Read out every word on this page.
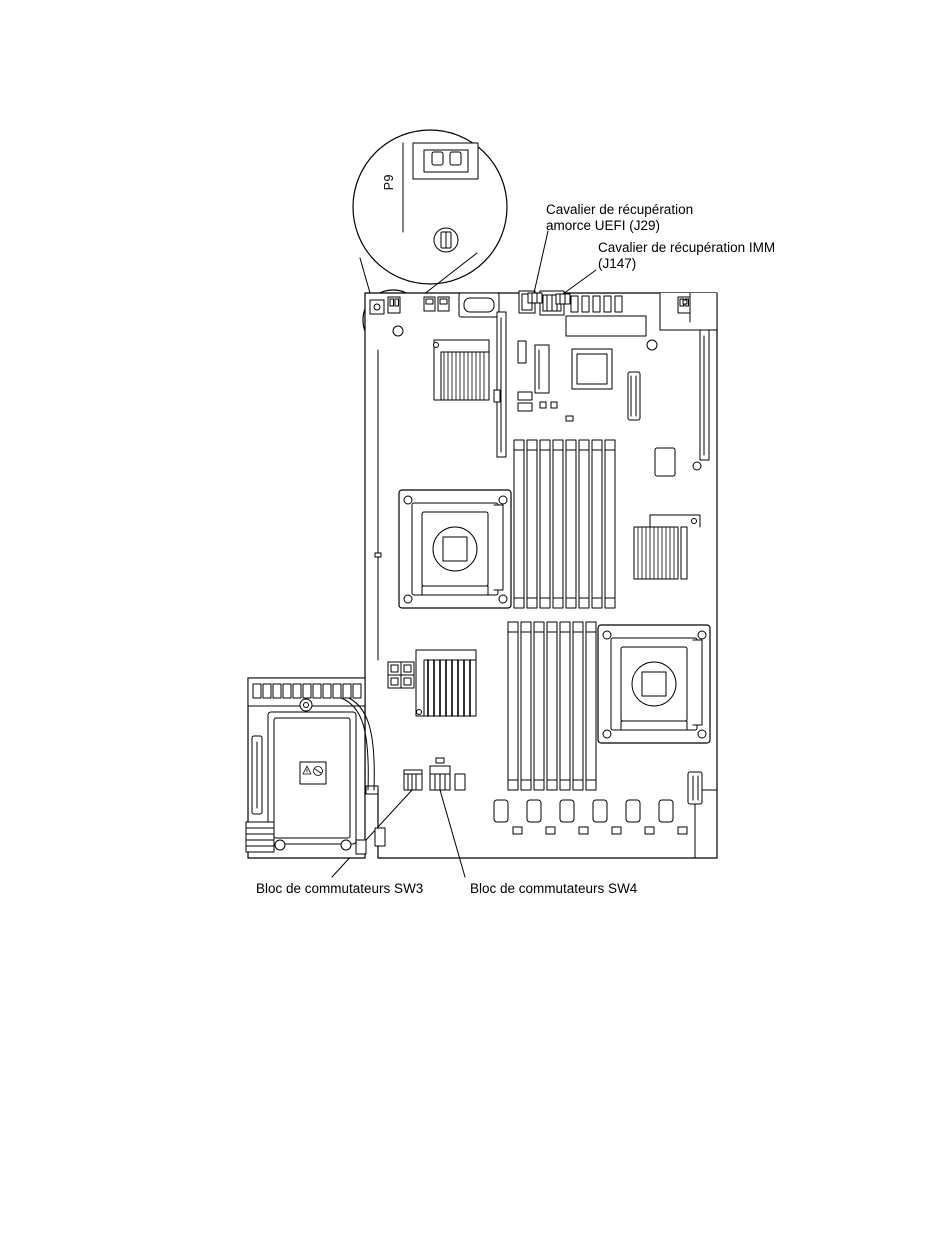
Cavalier de récupération
amorce UEFI (J29)
Cavalier de récupération IMM
(J147)
Bloc de commutateurs SW3	Bloc de commutateurs SW4
P9
